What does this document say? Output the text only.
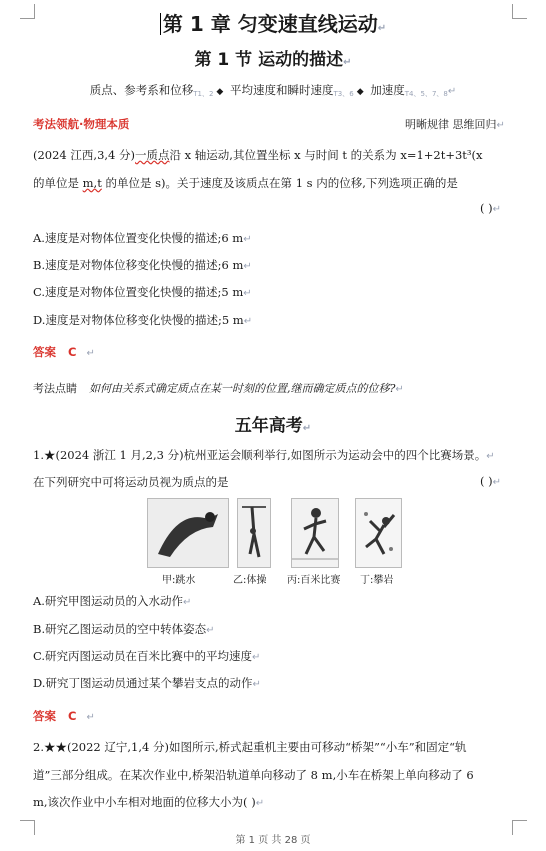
第 1 章 匀变速直线运动↵
第 1 节 运动的描述↵
质点、参考系和位移$_{T1、2}$ ◆ 平均速度和瞬时速度$_{T3、6}$ ◆ 加速度$_{T4、5、7、8}$↵
考法领航·物理本质	明晰规律 思维回归↵
(2024 江西,3,4 分)一质点沿 x 轴运动,其位置坐标 x 与时间 t 的关系为 x=1+2t+3t³(x
的单位是 m,t 的单位是 s)。关于速度及该质点在第 1 s 内的位移,下列选项正确的是
( )↵
A.速度是对物体位置变化快慢的描述;6 m↵
B.速度是对物体位移变化快慢的描述;6 m↵
C.速度是对物体位置变化快慢的描述;5 m↵
D.速度是对物体位移变化快慢的描述;5 m↵
答案 C ↵
考法点睛 如何由关系式确定质点在某一时刻的位置,继而确定质点的位移?↵
五年高考↵
1.★(2024 浙江 1 月,2,3 分)杭州亚运会顺利举行,如图所示为运动会中的四个比赛场景。↵
在下列研究中可将运动员视为质点的是	( )↵
甲:跳水	乙:体操 丙:百米比赛 丁:攀岩
A.研究甲图运动员的入水动作↵
B.研究乙图运动员的空中转体姿态↵
C.研究丙图运动员在百米比赛中的平均速度↵
D.研究丁图运动员通过某个攀岩支点的动作↵
答案 C ↵
2.★★(2022 辽宁,1,4 分)如图所示,桥式起重机主要由可移动“桥架”“小车”和固定“轨
道”三部分组成。在某次作业中,桥架沿轨道单向移动了 8 m,小车在桥架上单向移动了 6
m,该次作业中小车相对地面的位移大小为( )↵
第 1 页 共 28 页
